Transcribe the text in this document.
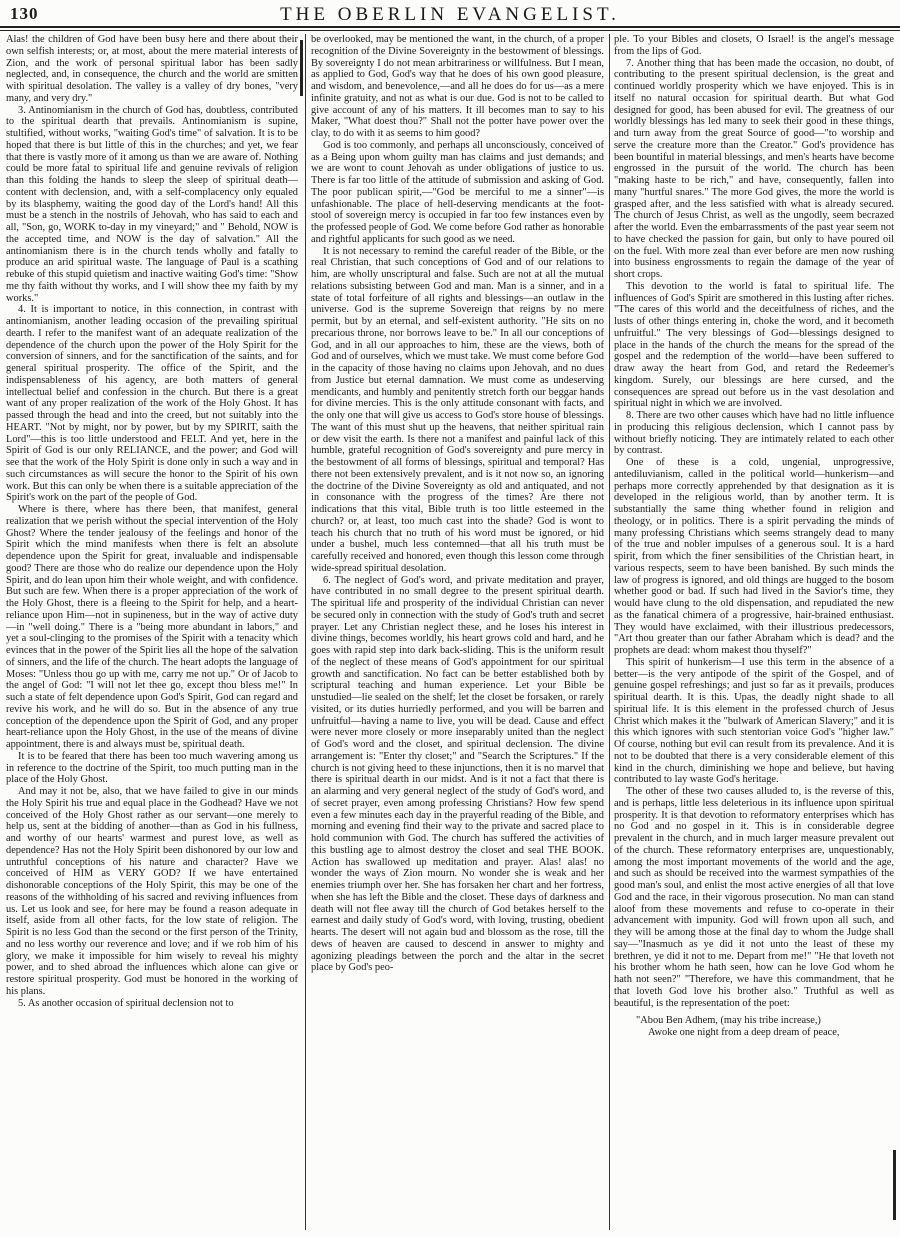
130	THE OBERLIN EVANGELIST.

Alas! the children of God have been busy here and there about their own selfish interests; or, at most, about the mere material interests of Zion, and the work of personal spiritual labor has been sadly neglected, and, in consequence, the church and the world are smitten with spiritual desolation. The valley is a valley of dry bones, "very many, and very dry."

3. Antinomianism in the church of God has, doubtless, contributed to the spiritual dearth that prevails. Antinomianism is supine, stultified, without works, "waiting God's time" of salvation. It is to be hoped that there is but little of this in the churches; and yet, we fear that there is vastly more of it among us than we are aware of. Nothing could be more fatal to spiritual life and genuine revivals of religion than this folding the hands to sleep the sleep of spiritual death—content with declension, and, with a self-complacency only equaled by its blasphemy, waiting the good day of the Lord's hand! All this must be a stench in the nostrils of Jehovah, who has said to each and all, "Son, go, WORK to-day in my vineyard;" and " Behold, NOW is the accepted time, and NOW is the day of salvation." All the antinomianism there is in the church tends wholly and fatally to produce an arid spiritual waste. The language of Paul is a scathing rebuke of this stupid quietism and inactive waiting God's time: "Show me thy faith without thy works, and I will show thee my faith by my works."

4. It is important to notice, in this connection, in contrast with antinomianism, another leading occasion of the prevailing spiritual dearth. I refer to the manifest want of an adequate realization of the dependence of the church upon the power of the Holy Spirit for the conversion of sinners, and for the sanctification of the saints, and for general spiritual prosperity. The office of the Spirit, and the indispensableness of his agency, are both matters of general intellectual belief and confession in the church. But there is a great want of any proper realization of the work of the Holy Ghost. It has passed through the head and into the creed, but not suitably into the HEART. "Not by might, nor by power, but by my SPIRIT, saith the Lord"—this is too little understood and FELT. And yet, here in the Spirit of God is our only RELIANCE, and the power; and God will see that the work of the Holy Spirit is done only in such a way and in such circumstances as will secure the honor to the Spirit of his own work. But this can only be when there is a suitable appreciation of the Spirit's work on the part of the people of God.

Where is there, where has there been, that manifest, general realization that we perish without the special intervention of the Holy Ghost? Where the tender jealousy of the feelings and honor of the Spirit which the mind manifests when there is felt an absolute dependence upon the Spirit for great, invaluable and indispensable good? There are those who do realize our dependence upon the Holy Spirit, and do lean upon him their whole weight, and with confidence. But such are few. When there is a proper appreciation of the work of the Holy Ghost, there is a fleeing to the Spirit for help, and a heart-reliance upon Him—not in supineness, but in the way of active duty—in "well doing." There is a "being more abundant in labors," and yet a soul-clinging to the promises of the Spirit with a tenacity which evinces that in the power of the Spirit lies all the hope of the salvation of sinners, and the life of the church. The heart adopts the language of Moses: "Unless thou go up with me, carry me not up." Or of Jacob to the angel of God: "I will not let thee go, except thou bless me!" In such a state of felt dependence upon God's Spirit, God can regard and revive his work, and he will do so. But in the absence of any true conception of the dependence upon the Spirit of God, and any proper heart-reliance upon the Holy Ghost, in the use of the means of divine appointment, there is and always must be, spiritual death.

It is to be feared that there has been too much wavering among us in reference to the doctrine of the Spirit, too much putting man in the place of the Holy Ghost.

And may it not be, also, that we have failed to give in our minds the Holy Spirit his true and equal place in the Godhead? Have we not conceived of the Holy Ghost rather as our servant—one merely to help us, sent at the bidding of another—than as God in his fullness, and worthy of our hearts' warmest and purest love, as well as dependence? Has not the Holy Spirit been dishonored by our low and untruthful conceptions of his nature and character? Have we conceived of HIM as VERY GOD? If we have entertained dishonorable conceptions of the Holy Spirit, this may be one of the reasons of the withholding of his sacred and reviving influences from us. Let us look and see, for here may be found a reason adequate in itself, aside from all other facts, for the low state of religion. The Spirit is no less God than the second or the first person of the Trinity, and no less worthy our reverence and love; and if we rob him of his glory, we make it impossible for him wisely to reveal his mighty power, and to shed abroad the influences which alone can give or restore spiritual prosperity. God must be honored in the working of his plans.

5. As another occasion of spiritual declension not to

be overlooked, may be mentioned the want, in the church, of a proper recognition of the Divine Sovereignty in the bestowment of blessings. By sovereignty I do not mean arbitrariness or willfulness. But I mean, as applied to God, God's way that he does of his own good pleasure, and wisdom, and benevolence,—and all he does do for us—as a mere infinite gratuity, and not as what is our due. God is not to be called to give account of any of his matters. It ill becomes man to say to his Maker, "What doest thou?" Shall not the potter have power over the clay, to do with it as seems to him good?

God is too commonly, and perhaps all unconsciously, conceived of as a Being upon whom guilty man has claims and just demands; and we are wont to count Jehovah as under obligations of justice to us. There is far too little of the attitude of submission and asking of God. The poor publican spirit,—"God be merciful to me a sinner"—is unfashionable. The place of hell-deserving mendicants at the foot-stool of sovereign mercy is occupied in far too few instances even by the professed people of God. We come before God rather as honorable and rightful applicants for such good as we need.

It is not necessary to remind the careful reader of the Bible, or the real Christian, that such conceptions of God and of our relations to him, are wholly unscriptural and false. Such are not at all the mutual relations subsisting between God and man. Man is a sinner, and in a state of total forfeiture of all rights and blessings—an outlaw in the universe. God is the supreme Sovereign that reigns by no mere permit, but by an eternal, and self-existent authority. "He sits on no precarious throne, nor borrows leave to be." In all our conceptions of God, and in all our approaches to him, these are the views, both of God and of ourselves, which we must take. We must come before God in the capacity of those having no claims upon Jehovah, and no dues from Justice but eternal damnation. We must come as undeserving mendicants, and humbly and penitently stretch forth our beggar hands for divine mercies. This is the only attitude consonant with facts, and the only one that will give us access to God's store house of blessings. The want of this must shut up the heavens, that neither spiritual rain or dew visit the earth. Is there not a manifest and painful lack of this humble, grateful recognition of God's sovereignty and pure mercy in the bestowment of all forms of blessings, spiritual and temporal? Has there not been extensively prevalent, and is it not now so, an ignoring the doctrine of the Divine Sovereignty as old and antiquated, and not in consonance with the progress of the times? Are there not indications that this vital, Bible truth is too little esteemed in the church? or, at least, too much cast into the shade? God is wont to teach his church that no truth of his word must be ignored, or hid under a bushel, much less contemned—that all his truth must be carefully received and honored, even though this lesson come through wide-spread spiritual desolation.

6. The neglect of God's word, and private meditation and prayer, have contributed in no small degree to the present spiritual dearth. The spiritual life and prosperity of the individual Christian can never be secured only in connection with the study of God's truth and secret prayer. Let any Christian neglect these, and he loses his interest in divine things, becomes worldly, his heart grows cold and hard, and he goes with rapid step into dark back-sliding. This is the uniform result of the neglect of these means of God's appointment for our spiritual growth and sanctification. No fact can be better established both by scriptural teaching and human experience. Let your Bible be unstudied—lie sealed on the shelf; let the closet be forsaken, or rarely visited, or its duties hurriedly performed, and you will be barren and unfruitful—having a name to live, you will be dead. Cause and effect were never more closely or more inseparably united than the neglect of God's word and the closet, and spiritual declension. The divine arrangement is: "Enter thy closet;" and "Search the Scriptures." If the church is not giving heed to these injunctions, then it is no marvel that there is spiritual dearth in our midst. And is it not a fact that there is an alarming and very general neglect of the study of God's word, and of secret prayer, even among professing Christians? How few spend even a few minutes each day in the prayerful reading of the Bible, and morning and evening find their way to the private and sacred place to hold communion with God. The church has suffered the activities of this bustling age to almost destroy the closet and seal THE BOOK. Action has swallowed up meditation and prayer. Alas! alas! no wonder the ways of Zion mourn. No wonder she is weak and her enemies triumph over her. She has forsaken her chart and her fortress, when she has left the Bible and the closet. These days of darkness and death will not flee away till the church of God betakes herself to the earnest and daily study of God's word, with loving, trusting, obedient hearts. The desert will not again bud and blossom as the rose, till the dews of heaven are caused to descend in answer to mighty and agonizing pleadings between the porch and the altar in the secret place by God's peo-

ple. To your Bibles and closets, O Israel! is the angel's message from the lips of God.

7. Another thing that has been made the occasion, no doubt, of contributing to the present spiritual declension, is the great and continued worldly prosperity which we have enjoyed. This is in itself no natural occasion for spiritual dearth. But what God designed for good, has been abused for evil. The greatness of our worldly blessings has led many to seek their good in these things, and turn away from the great Source of good—"to worship and serve the creature more than the Creator." God's providence has been bountiful in material blessings, and men's hearts have become engrossed in the pursuit of the world. The church has been "making haste to be rich," and have, consequently, fallen into many "hurtful snares." The more God gives, the more the world is grasped after, and the less satisfied with what is already secured. The church of Jesus Christ, as well as the ungodly, seem becrazed after the world. Even the embarrassments of the past year seem not to have checked the passion for gain, but only to have poured oil on the fuel. With more zeal than ever before are men now rushing into business engrossments to regain the damage of the year of short crops.

This devotion to the world is fatal to spiritual life. The influences of God's Spirit are smothered in this lusting after riches. "The cares of this world and the deceitfulness of riches, and the lusts of other things entering in, choke the word, and it becometh unfruitful." The very blessings of God—blessings designed to place in the hands of the church the means for the spread of the gospel and the redemption of the world—have been suffered to draw away the heart from God, and retard the Redeemer's kingdom. Surely, our blessings are here cursed, and the consequences are spread out before us in the vast desolation and spiritual night in which we are involved.

8. There are two other causes which have had no little influence in producing this religious declension, which I cannot pass by without briefly noticing. They are intimately related to each other by contrast.

One of these is a cold, ungenial, unprogressive, antediluvianism, called in the political world—hunkerism—and perhaps more correctly apprehended by that designation as it is developed in the religious world, than by another term. It is substantially the same thing whether found in religion and theology, or in politics. There is a spirit pervading the minds of many professing Christians which seems strangely dead to many of the true and nobler impulses of a generous soul. It is a hard spirit, from which the finer sensibilities of the Christian heart, in various respects, seem to have been banished. By such minds the law of progress is ignored, and old things are hugged to the bosom whether good or bad. If such had lived in the Savior's time, they would have clung to the old dispensation, and repudiated the new as the fanatical chimera of a progressive, hair-brained enthusiast. They would have exclaimed, with their illustrious predecessors, "Art thou greater than our father Abraham which is dead? and the prophets are dead: whom makest thou thyself?"

This spirit of hunkerism—I use this term in the absence of a better—is the very antipode of the spirit of the Gospel, and of genuine gospel refreshings; and just so far as it prevails, produces spiritual dearth. It is this. Upas, the deadly night shade to all spiritual life. It is this element in the professed church of Jesus Christ which makes it the "bulwark of American Slavery;" and it is this which ignores with such stentorian voice God's "higher law." Of course, nothing but evil can result from its prevalence. And it is not to be doubted that there is a very considerable element of this kind in the church, diminishing we hope and believe, but having contributed to lay waste God's heritage.

The other of these two causes alluded to, is the reverse of this, and is perhaps, little less deleterious in its influence upon spiritual prosperity. It is that devotion to reformatory enterprises which has no God and no gospel in it. This is in considerable degree prevalent in the church, and in much larger measure prevalent out of the church. These reformatory enterprises are, unquestionably, among the most important movements of the world and the age, and such as should be received into the warmest sympathies of the good man's soul, and enlist the most active energies of all that love God and the race, in their vigorous prosecution. No man can stand aloof from these movements and refuse to co-operate in their advancement with impunity. God will frown upon all such, and they will be among those at the final day to whom the Judge shall say—"Inasmuch as ye did it not unto the least of these my brethren, ye did it not to me. Depart from me!" "He that loveth not his brother whom he hath seen, how can he love God whom he hath not seen?" "Therefore, we have this commandment, that he that loveth God love his brother also." Truthful as well as beautiful, is the representation of the poet:

"Abou Ben Adhem, (may his tribe increase,)

Awoke one night from a deep dream of peace,
